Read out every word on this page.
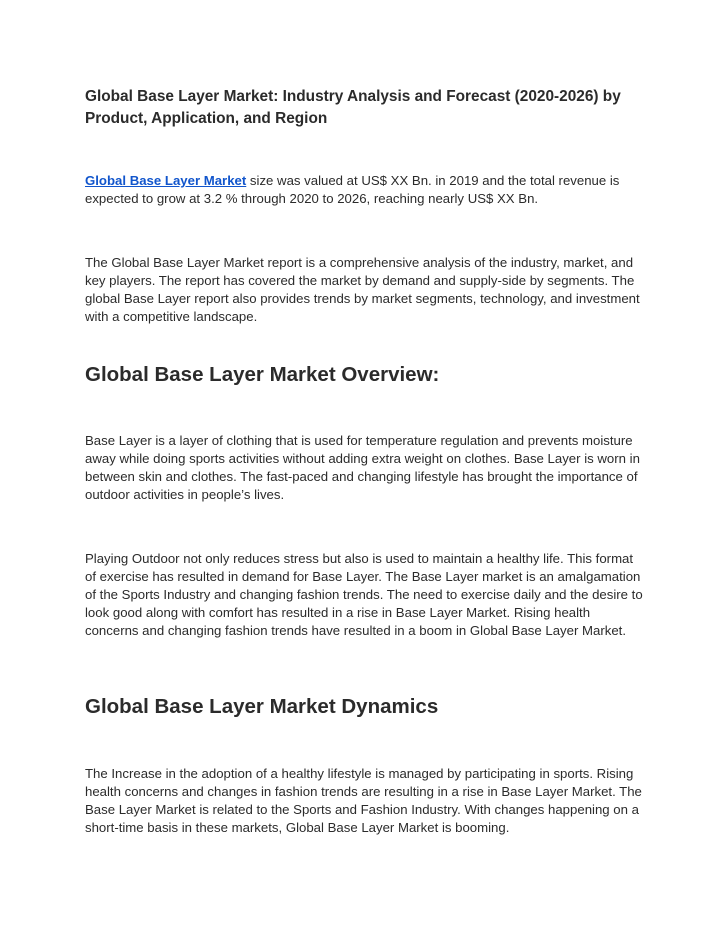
Global Base Layer Market: Industry Analysis and Forecast (2020-2026) by Product, Application, and Region

Global Base Layer Market size was valued at US$ XX Bn. in 2019 and the total revenue is expected to grow at 3.2 % through 2020 to 2026, reaching nearly US$ XX Bn.

The Global Base Layer Market report is a comprehensive analysis of the industry, market, and key players. The report has covered the market by demand and supply-side by segments. The global Base Layer report also provides trends by market segments, technology, and investment with a competitive landscape.

Global Base Layer Market Overview:

Base Layer is a layer of clothing that is used for temperature regulation and prevents moisture away while doing sports activities without adding extra weight on clothes. Base Layer is worn in between skin and clothes. The fast-paced and changing lifestyle has brought the importance of outdoor activities in people’s lives.

Playing Outdoor not only reduces stress but also is used to maintain a healthy life. This format of exercise has resulted in demand for Base Layer. The Base Layer market is an amalgamation of the Sports Industry and changing fashion trends. The need to exercise daily and the desire to look good along with comfort has resulted in a rise in Base Layer Market. Rising health concerns and changing fashion trends have resulted in a boom in Global Base Layer Market.

Global Base Layer Market Dynamics

The Increase in the adoption of a healthy lifestyle is managed by participating in sports. Rising health concerns and changes in fashion trends are resulting in a rise in Base Layer Market. The Base Layer Market is related to the Sports and Fashion Industry. With changes happening on a short-time basis in these markets, Global Base Layer Market is booming.
